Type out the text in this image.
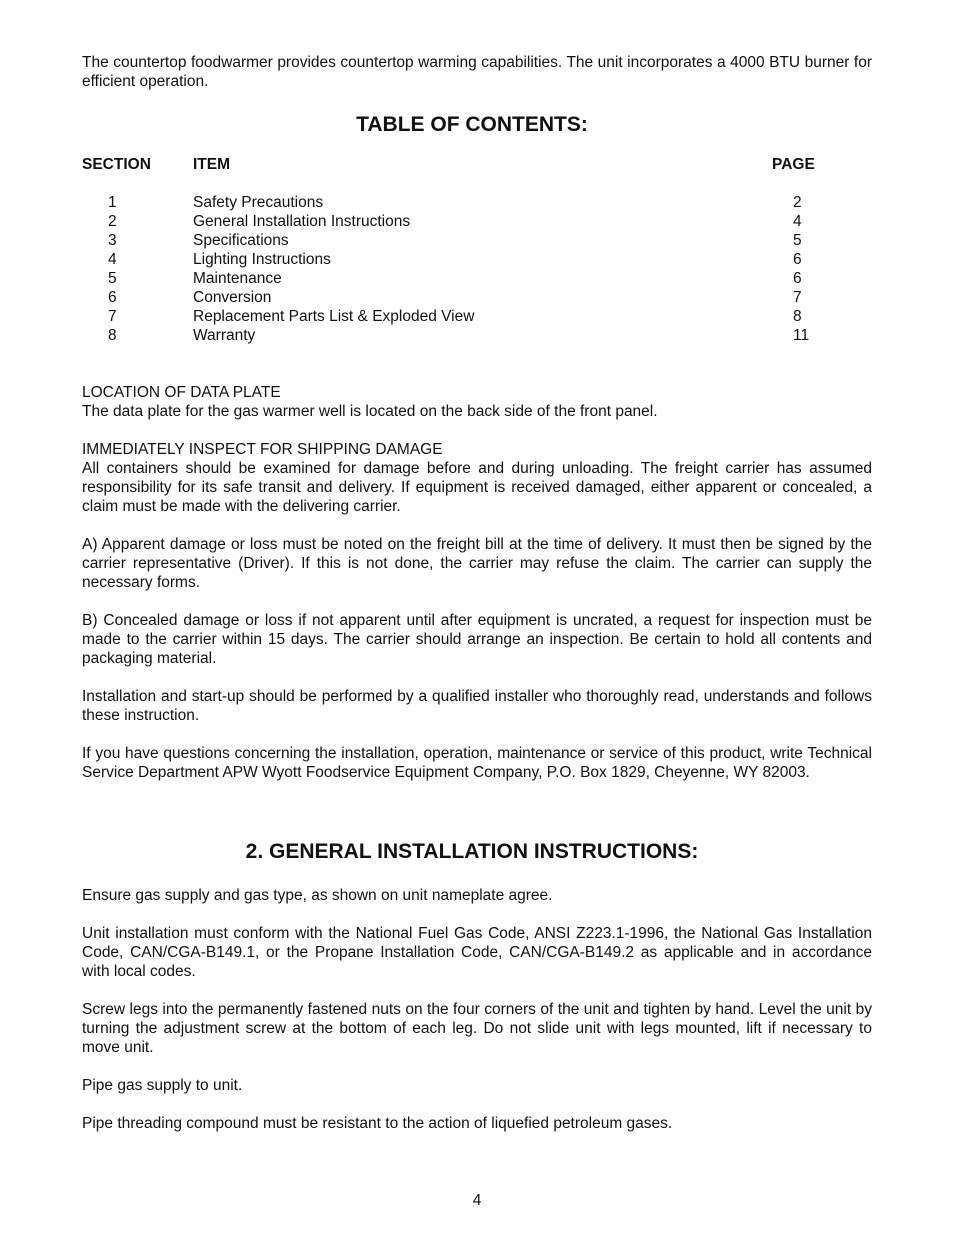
The countertop foodwarmer provides countertop warming capabilities. The unit incorporates a 4000 BTU burner for efficient operation.

TABLE OF CONTENTS:
SECTION	ITEM	PAGE
1	Safety Precautions	2
2	General Installation Instructions	4
3	Specifications	5
4	Lighting Instructions	6
5	Maintenance	6
6	Conversion	7
7	Replacement Parts List & Exploded View	8
8	Warranty	11

LOCATION OF DATA PLATE

The data plate for the gas warmer well is located on the back side of the front panel.

IMMEDIATELY INSPECT FOR SHIPPING DAMAGE

All containers should be examined for damage before and during unloading. The freight carrier has assumed responsibility for its safe transit and delivery. If equipment is received damaged, either apparent or concealed, a claim must be made with the delivering carrier.

A) Apparent damage or loss must be noted on the freight bill at the time of delivery. It must then be signed by the carrier representative (Driver). If this is not done, the carrier may refuse the claim. The carrier can supply the necessary forms.

B) Concealed damage or loss if not apparent until after equipment is uncrated, a request for inspection must be made to the carrier within 15 days. The carrier should arrange an inspection. Be certain to hold all contents and packaging material.

Installation and start-up should be performed by a qualified installer who thoroughly read, understands and follows these instruction.

If you have questions concerning the installation, operation, maintenance or service of this product, write Technical Service Department APW Wyott Foodservice Equipment Company, P.O. Box 1829, Cheyenne, WY 82003.

2. GENERAL INSTALLATION INSTRUCTIONS:

Ensure gas supply and gas type, as shown on unit nameplate agree.

Unit installation must conform with the National Fuel Gas Code, ANSI Z223.1-1996, the National Gas Installation Code, CAN/CGA-B149.1, or the Propane Installation Code, CAN/CGA-B149.2 as applicable and in accordance with local codes.

Screw legs into the permanently fastened nuts on the four corners of the unit and tighten by hand. Level the unit by turning the adjustment screw at the bottom of each leg. Do not slide unit with legs mounted, lift if necessary to move unit.

Pipe gas supply to unit.

Pipe threading compound must be resistant to the action of liquefied petroleum gases.

4
